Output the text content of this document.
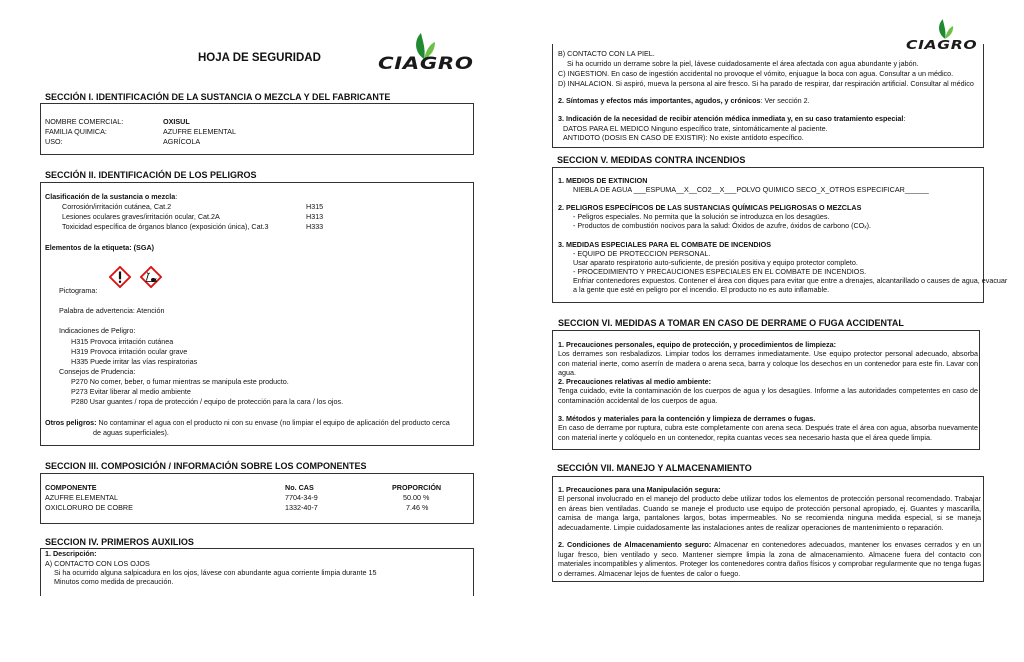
HOJA DE SEGURIDAD	CIAGRO
SECCIÓN I. IDENTIFICACIÓN DE LA SUSTANCIA O MEZCLA Y DEL FABRICANTE
NOMBRE COMERCIAL:	OXISUL
FAMILIA QUIMICA:	AZUFRE ELEMENTAL
USO:	AGRÍCOLA
SECCIÓN II. IDENTIFICACIÓN DE LOS PELIGROS
Clasificación de la sustancia o mezcla:
Corrosión/irritación cutánea, Cat.2	H315
Lesiones oculares graves/irritación ocular, Cat.2A	H313
Toxicidad específica de órganos blanco (exposición única), Cat.3	H333
Elementos de la etiqueta: (SGA)
Pictograma:
Palabra de advertencia: Atención
Indicaciones de Peligro:
H315 Provoca irritación cutánea
H319 Provoca irritación ocular grave
H335 Puede irritar las vías respiratorias
Consejos de Prudencia:
P270 No comer, beber, o fumar mientras se manipula este producto.
P273 Evitar liberar al medio ambiente
P280 Usar guantes / ropa de protección / equipo de protección para la cara / los ojos.
Otros peligros: No contaminar el agua con el producto ni con su envase (no limpiar el equipo de aplicación del producto cerca
de aguas superficiales).
SECCION III. COMPOSICIÓN / INFORMACIÓN SOBRE LOS COMPONENTES
COMPONENTE	No. CAS	PROPORCIÓN
AZUFRE ELEMENTAL	7704-34-9	50.00 %
OXICLORURO DE COBRE	1332-40-7	7.46 %
SECCION IV. PRIMEROS AUXILIOS
1. Descripción:
A) CONTACTO CON LOS OJOS
Si ha ocurrido alguna salpicadura en los ojos, lávese con abundante agua corriente limpia durante 15
Minutos como medida de precaución.
CIAGRO
B) CONTACTO CON LA PIEL.
Si ha ocurrido un derrame sobre la piel, lávese cuidadosamente el área afectada con agua abundante y jabón.
C) INGESTION. En caso de ingestión accidental no provoque el vómito, enjuague la boca con agua. Consultar a un médico.
D) INHALACION. Si aspiró, mueva la persona al aire fresco. Si ha parado de respirar, dar respiración artificial. Consultar al médico
2. Síntomas y efectos más importantes, agudos, y crónicos: Ver sección 2.
3. Indicación de la necesidad de recibir atención médica inmediata y, en su caso tratamiento especial:
DATOS PARA EL MEDICO Ninguno específico trate, sintomáticamente al paciente.
ANTIDOTO (DOSIS EN CASO DE EXISTIR): No existe antídoto específico.
SECCION V. MEDIDAS CONTRA INCENDIOS
1. MEDIOS DE EXTINCION
NIEBLA DE AGUA ___ESPUMA__X__CO2__X___POLVO QUIMICO SECO_X_OTROS ESPECIFICAR______
2. PELIGROS ESPECÍFICOS DE LAS SUSTANCIAS QUÍMICAS PELIGROSAS O MEZCLAS
- Peligros especiales. No permita que la solución se introduzca en los desagües.
- Productos de combustión nocivos para la salud: Óxidos de azufre, óxidos de carbono (COₓ).
3. MEDIDAS ESPECIALES PARA EL COMBATE DE INCENDIOS
- EQUIPO DE PROTECCION PERSONAL.
Usar aparato respiratorio auto-suficiente, de presión positiva y equipo protector completo.
- PROCEDIMIENTO Y PRECAUCIONES ESPECIALES EN EL COMBATE DE INCENDIOS.
Enfriar contenedores expuestos. Contener el área con diques para evitar que entre a drenajes, alcantarillado o causes de agua, evacuar
a la gente que esté en peligro por el incendio. El producto no es auto inflamable.
SECCION VI. MEDIDAS A TOMAR EN CASO DE DERRAME O FUGA ACCIDENTAL
1. Precauciones personales, equipo de protección, y procedimientos de limpieza:
Los derrames son resbaladizos. Limpiar todos los derrames inmediatamente. Use equipo protector personal adecuado, absorba con material inerte, como aserrín de madera o arena seca, barra y coloque los desechos en un contenedor para este fin. Lavar con agua.
2. Precauciones relativas al medio ambiente:
Tenga cuidado, evite la contaminación de los cuerpos de agua y los desagües. Informe a las autoridades competentes en caso de contaminación accidental de los cuerpos de agua.
3. Métodos y materiales para la contención y limpieza de derrames o fugas.
En caso de derrame por ruptura, cubra este completamente con arena seca. Después trate el área con agua, absorba nuevamente con material inerte y colóquelo en un contenedor, repita cuantas veces sea necesario hasta que el área quede limpia.
SECCIÓN VII. MANEJO Y ALMACENAMIENTO
1. Precauciones para una Manipulación segura:
El personal involucrado en el manejo del producto debe utilizar todos los elementos de protección personal recomendado. Trabajar en áreas bien ventiladas. Cuando se maneje el producto use equipo de protección personal apropiado, ej. Guantes y mascarilla, camisa de manga larga, pantalones largos, botas impermeables. No se recomienda ninguna medida especial, si se maneja adecuadamente. Limpie cuidadosamente las instalaciones antes de realizar operaciones de mantenimiento o reparación.
2. Condiciones de Almacenamiento seguro: Almacenar en contenedores adecuados, mantener los envases cerrados y en un lugar fresco, bien ventilado y seco. Mantener siempre limpia la zona de almacenamiento. Almacene fuera del contacto con materiales incompatibles y alimentos. Proteger los contenedores contra daños físicos y comprobar regularmente que no tenga fugas o derrames. Almacenar lejos de fuentes de calor o fuego.
